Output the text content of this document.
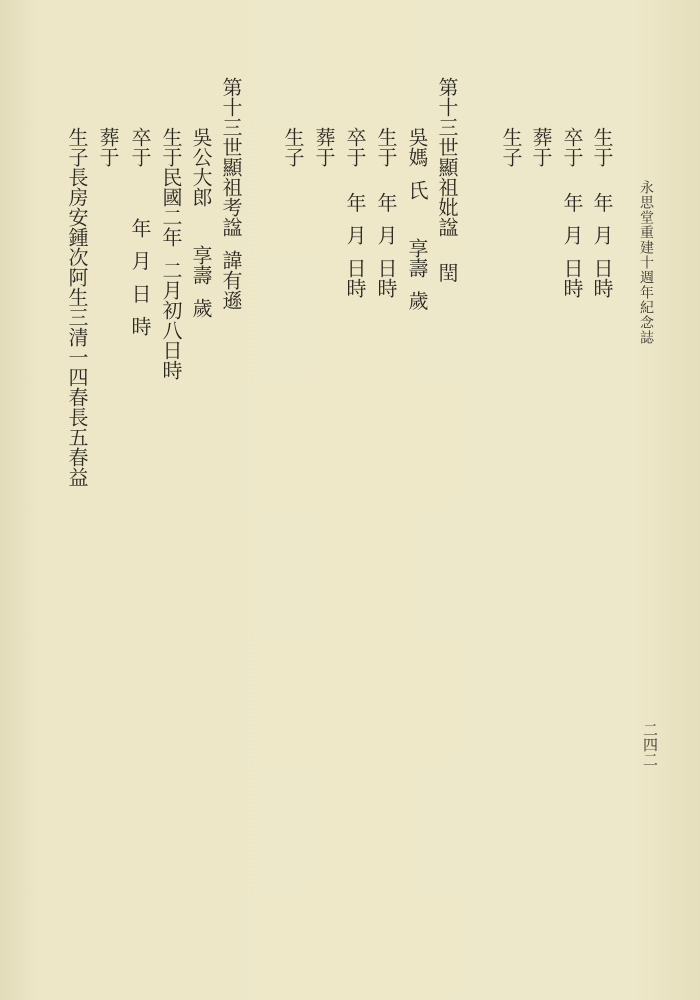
永思堂重建十週年紀念誌
二四二
生于    年  月  日時
卒于    年  月  日時
葬于
生子
第十三世顯祖妣諡    閏
吳媽  氏      享壽  歲
生于    年  月  日時
卒于    年  月  日時
葬于
生子
第十三世顯祖考諡  諱有遜
吳公大郎      享壽  歲
生于民國二年  二月初八日時
卒于        年  月  日  時
葬于
生子長房安鍾次阿生三清一四春長五春益
